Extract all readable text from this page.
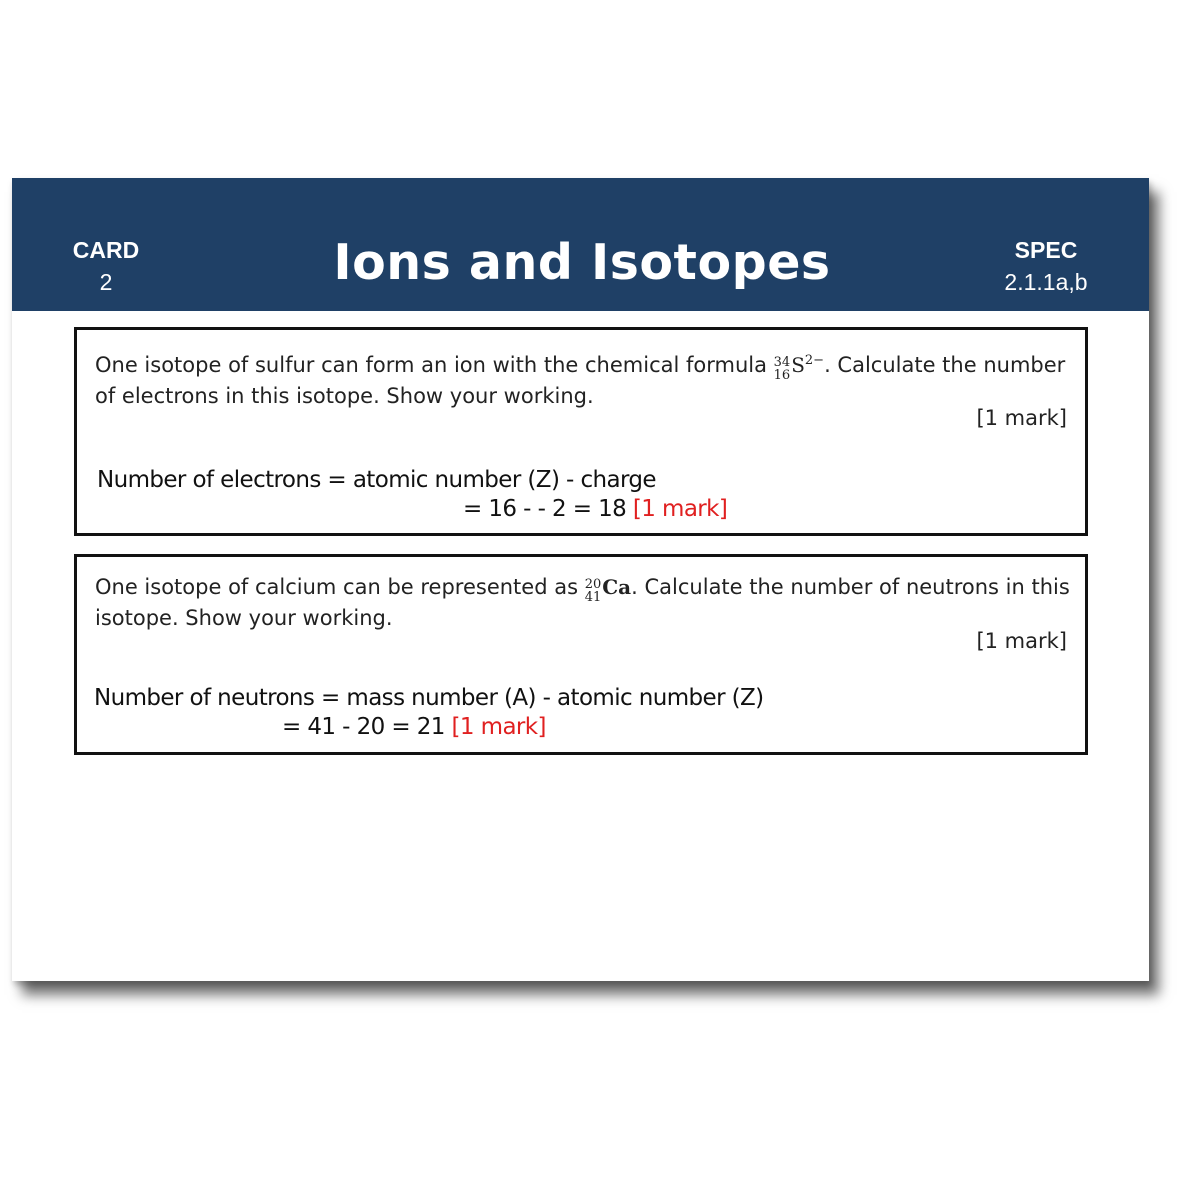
CARD
2	Ions and Isotopes	SPEC
2.1.1a,b
One isotope of sulfur can form an ion with the chemical formula 34
16 $S^{2-}$. Calculate the number of electrons in this isotope. Show your working.
[1 mark]
Number of electrons = atomic number (Z) - charge
= 16 - - 2 = 18 [1 mark]
One isotope of calcium can be represented as 20
41 Ca. Calculate the number of neutrons in this isotope. Show your working.
[1 mark]
Number of neutrons = mass number (A) - atomic number (Z)
= 41 - 20 = 21 [1 mark]
